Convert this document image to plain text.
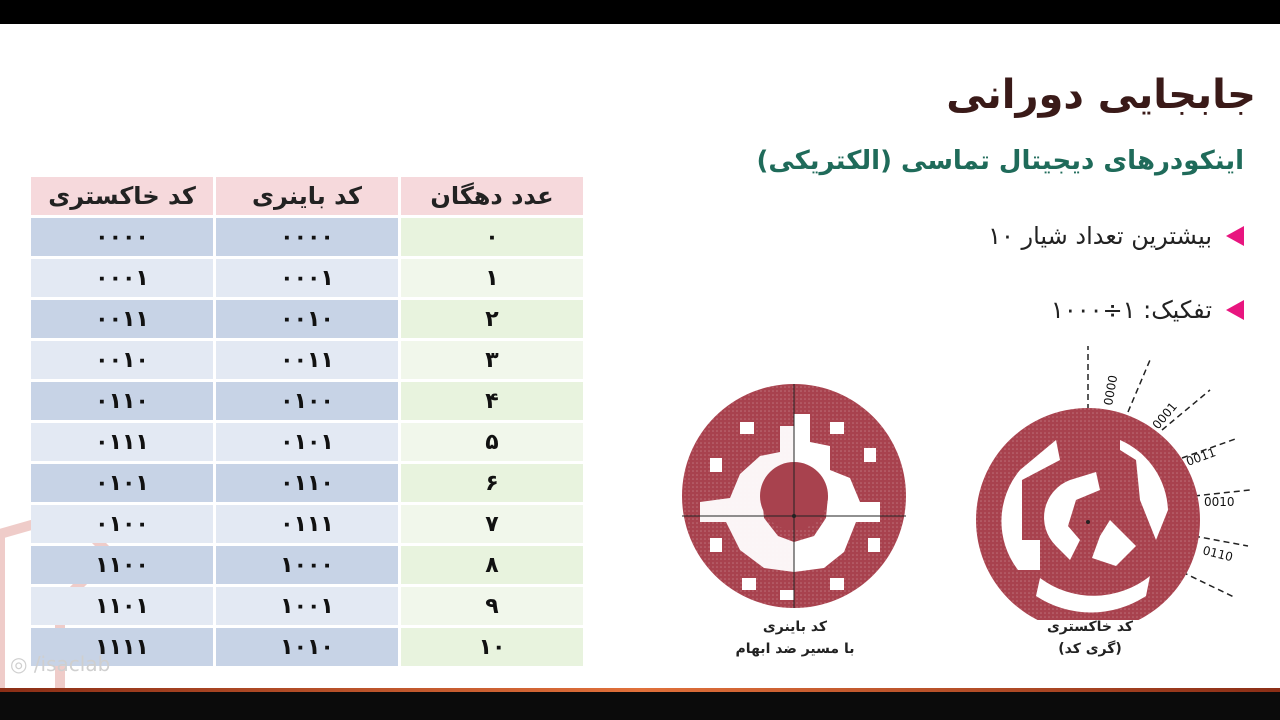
جابجایی دورانی
اینکودرهای دیجیتال تماسی (الکتریکی)
بیشترین تعداد شیار ۱۰
تفکیک: ۱÷۱۰۰۰
عدد دهگان	کد باینری	کد خاکستری
۰	۰۰۰۰	۰۰۰۰
۱	۰۰۰۱	۰۰۰۱
۲	۰۰۱۰	۰۰۱۱
۳	۰۰۱۱	۰۰۱۰
۴	۰۱۰۰	۰۱۱۰
۵	۰۱۰۱	۰۱۱۱
۶	۰۱۱۰	۰۱۰۱
۷	۰۱۱۱	۰۱۰۰
۸	۱۰۰۰	۱۱۰۰
۹	۱۰۰۱	۱۱۰۱
۱۰	۱۰۱۰	۱۱۱۱
0000
0001
0011
0010
0110
کد باینری
با مسیر ضد ابهام
کد خاکستری
(گری کد)
◎ /isaclab
